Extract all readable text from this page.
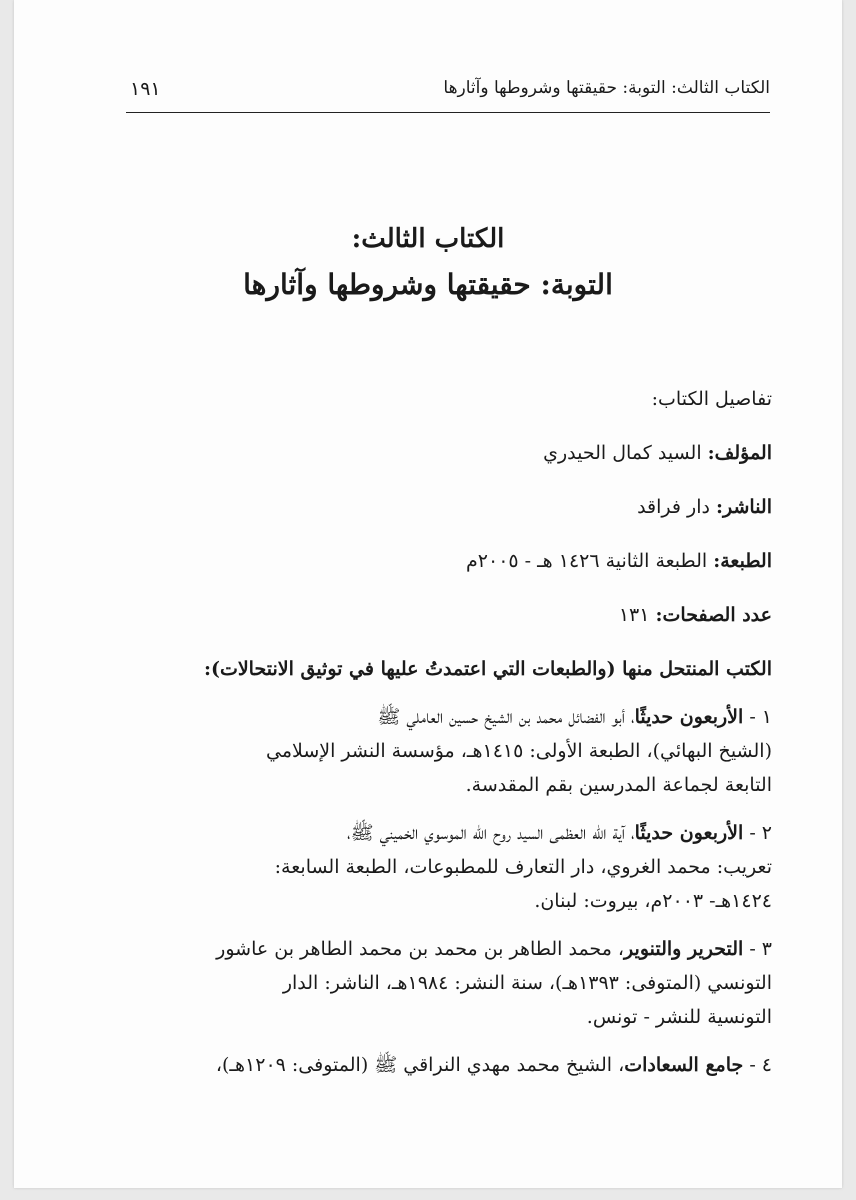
الكتاب الثالث: التوبة: حقيقتها وشروطها وآثارها
١٩١
الكتاب الثالث:
التوبة: حقيقتها وشروطها وآثارها
تفاصيل الكتاب:
المؤلف: السيد كمال الحيدري
الناشر: دار فراقد
الطبعة: الطبعة الثانية ١٤٢٦ هـ - ٢٠٠٥م
عدد الصفحات: ١٣١
الكتب المنتحل منها (والطبعات التي اعتمدتُ عليها في توثيق الانتحالات):
١ - الأربعون حديثًا، أبو الفضائل محمد بن الشيخ حسين العاملي ﷺ
(الشيخ البهائي)، الطبعة الأولى: ١٤١٥هـ، مؤسسة النشر الإسلامي
التابعة لجماعة المدرسين بقم المقدسة.
٢ - الأربعون حديثًا، آية الله العظمى السيد روح الله الموسوي الخميني ﷺ،
تعريب: محمد الغروي، دار التعارف للمطبوعات، الطبعة السابعة:
١٤٢٤هـ- ٢٠٠٣م، بيروت: لبنان.
٣ - التحرير والتنوير، محمد الطاهر بن محمد بن محمد الطاهر بن عاشور
التونسي (المتوفى: ١٣٩٣هـ)، سنة النشر: ١٩٨٤هـ، الناشر: الدار
التونسية للنشر - تونس.
٤ - جامع السعادات، الشيخ محمد مهدي النراقي ﷺ (المتوفى: ١٢٠٩هـ)،
